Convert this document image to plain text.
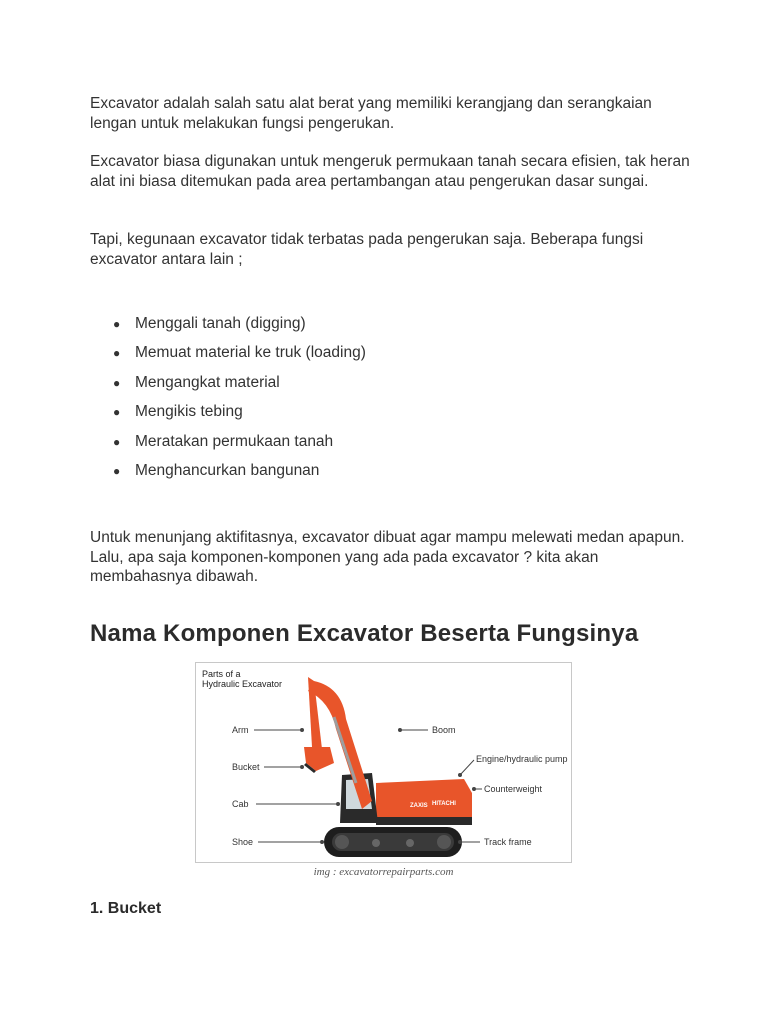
Excavator adalah salah satu alat berat yang memiliki kerangjang dan serangkaian lengan untuk melakukan fungsi pengerukan.

Excavator biasa digunakan untuk mengeruk permukaan tanah secara efisien, tak heran alat ini biasa ditemukan pada area pertambangan atau pengerukan dasar sungai.

Tapi, kegunaan excavator tidak terbatas pada pengerukan saja. Beberapa fungsi excavator antara lain ;

● Menggali tanah (digging)
● Memuat material ke truk (loading)
● Mengangkat material
● Mengikis tebing
● Meratakan permukaan tanah
● Menghancurkan bangunan

Untuk menunjang aktifitasnya, excavator dibuat agar mampu melewati medan apapun. Lalu, apa saja komponen-komponen yang ada pada excavator ? kita akan membahasnya dibawah.

Nama Komponen Excavator Beserta Fungsinya
Parts of a
Hydraulic Excavator
HITACHI
ZAXIS
Arm
Bucket
Cab
Shoe
Boom
Engine/hydraulic pump
Counterweight
Track frame
img : excavatorrepairparts.com
1. Bucket
